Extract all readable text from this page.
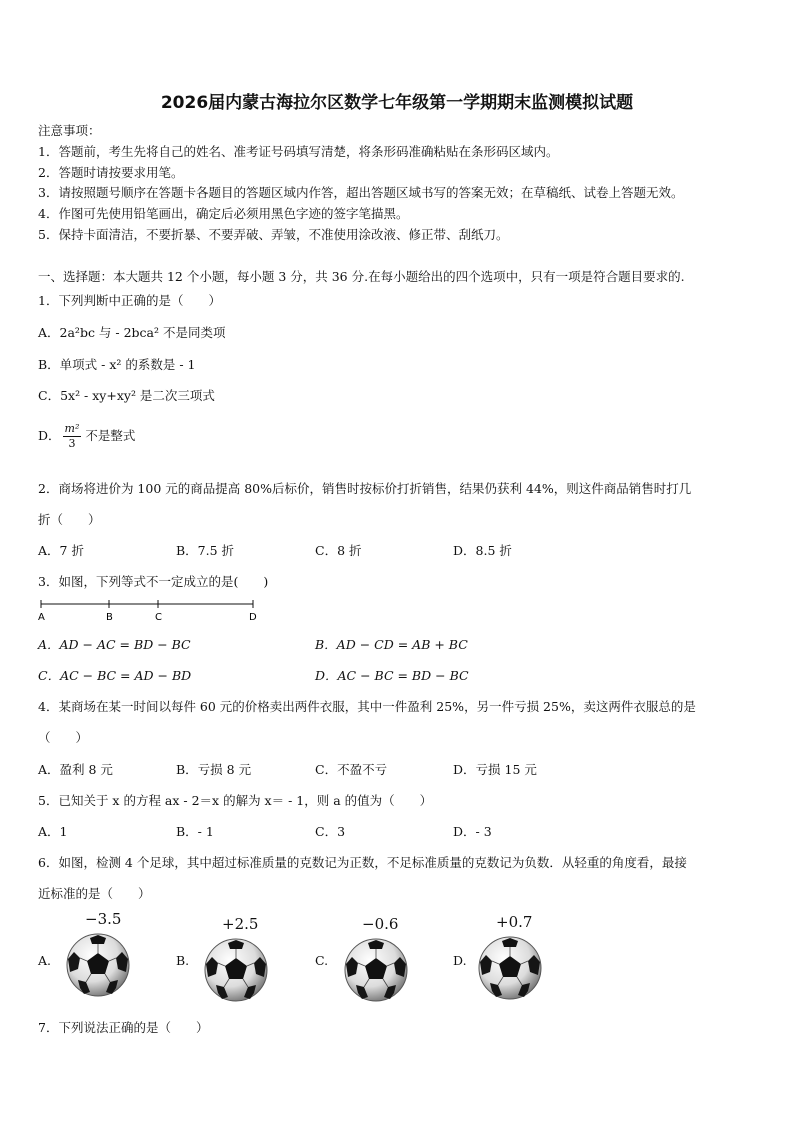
2026届内蒙古海拉尔区数学七年级第一学期期末监测模拟试题
注意事项：
1．答题前，考生先将自己的姓名、准考证号码填写清楚，将条形码准确粘贴在条形码区域内。
2．答题时请按要求用笔。
3．请按照题号顺序在答题卡各题目的答题区域内作答，超出答题区域书写的答案无效；在草稿纸、试卷上答题无效。
4．作图可先使用铅笔画出，确定后必须用黑色字迹的签字笔描黑。
5．保持卡面清洁，不要折暴、不要弄破、弄皱，不准使用涂改液、修正带、刮纸刀。
一、选择题：本大题共 12 个小题，每小题 3 分，共 36 分.在每小题给出的四个选项中，只有一项是符合题目要求的.
1．下列判断中正确的是（　　）
A．2a²bc 与 - 2bca² 不是同类项
B．单项式 - x² 的系数是 - 1
C．5x² - xy+xy² 是二次三项式
D． $\frac{\text{m²}}{3}$ 不是整式
2．商场将进价为 100 元的商品提高 80%后标价，销售时按标价打折销售，结果仍获利 44%，则这件商品销售时打几
折（　　）
A．7 折	B．7.5 折	C．8 折	D．8.5 折
3．如图，下列等式不一定成立的是(　　)
A	B	C	D
A．AD − AC = BD − BC	B．AD − CD = AB + BC
C．AC − BC = AD − BD	D．AC − BC = BD − BC
4．某商场在某一时间以每件 60 元的价格卖出两件衣服，其中一件盈利 25%，另一件亏损 25%，卖这两件衣服总的是
（　　）
A．盈利 8 元	B．亏损 8 元	C．不盈不亏	D．亏损 15 元
5．已知关于 x 的方程 ax - 2＝x 的解为 x＝ - 1，则 a 的值为（　　）
A．1	B．- 1	C．3	D．- 3
6．如图，检测 4 个足球，其中超过标准质量的克数记为正数，不足标准质量的克数记为负数．从轻重的角度看，最接
近标准的是（　　）
A.	B.	C.	D.
−3.5	+2.5	−0.6	+0.7
7．下列说法正确的是（　　）
